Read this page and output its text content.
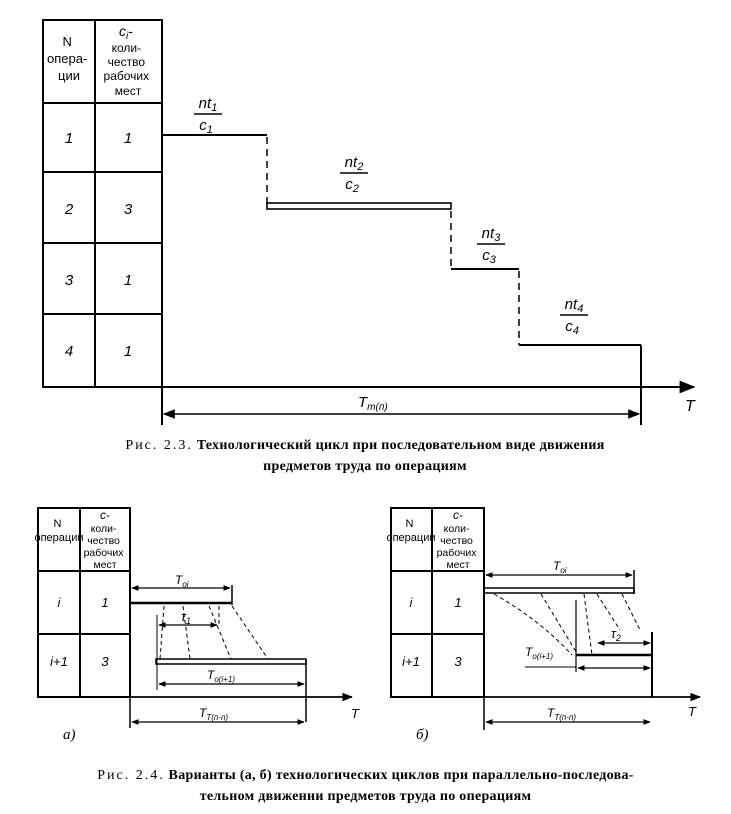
N опера- ции
$c_i-$
коли- чество рабочих мест
1	1
2	3
3	1
4	1
$nt_1$
$c_1$
$nt_2$
$c_2$
$nt_3$
$c_3$
$nt_4$
$c_4$
T
$T_{т(п)}$
N операции
c-
коли- чество рабочих мест
i	1
i+1	3
$T_{oi}$
$\tau_1$
$T_{o(i+1)}$
T
$T_{T(п-п)}$
а)
N операции
c-
коли- чество рабочих мест
i	1
i+1	3
$T_{oi}$
$\tau_2$
$T_{o(i+1)}$
T
$T_{T(п-п)}$
б)
Рис. 2.3. Технологический цикл при последовательном виде движения
предметов труда по операциям
Рис. 2.4. Варианты (а, б) технологических циклов при параллельно-последова-
тельном движении предметов труда по операциям
